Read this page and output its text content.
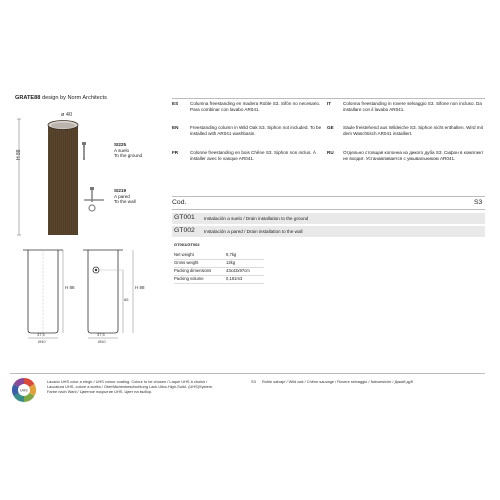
GRATE88 design by Norm Architects
ø 40
H 88
SI225
A suelo
To the ground
SI219
A pared
To the wall
ES	Columna freestanding en madera Roble S3. Sifón no necesario. Para combinar con lavabo AR041.
EN	Freestanding column in Wild Oak S3. Siphon not included. To be installed with AR041 washbasin.
FR	Colonne freestanding en bois Chêne S3. Siphon non inclus. À installer avec le vasque AR041.
IT	Colonna freestanding in rovere selvaggio S3. Sifone non incluso. Da installare con il lavabo AR041.
GE Säule freistehend aus Wildeiche S3. Siphon nicht enthalten. Wird mit dem Waschtisch AR041 installiert.
RU Отдельно стоящая колонна из дикого дуба S3. Сифон в комплект не входит. Устанавливается с умывальником AR041.
Cod.	S3
GT001 Instalación a suelo / Drain installation to the ground
GT002 Instalación a pared / Drain installation to the wall
GT001/GT002
Net weight	9,7kg
Gross weight	12kg
Packing dimensions	43x43x97cm
Packing volume	0,161m3
H 88
37,5
Ø40
65
H 88
37,5
Ø40
UHS
Lacado UHS color a elegir / UHS colour coating. Colour to be chosen / Laque UHS à choisir /
Laccatura UHS, colore a scelta / Oberflächenbeschichtung Lack Ultra-High-Solid- (UHS)System.
Farbe nach Wahl / Цветное покрытие UHS. Цвет на выбор.
S3 Roble salvaje / Wild oak / Chêne sauvage / Rovere selvaggio / Naturesiche / Дикий дуб
